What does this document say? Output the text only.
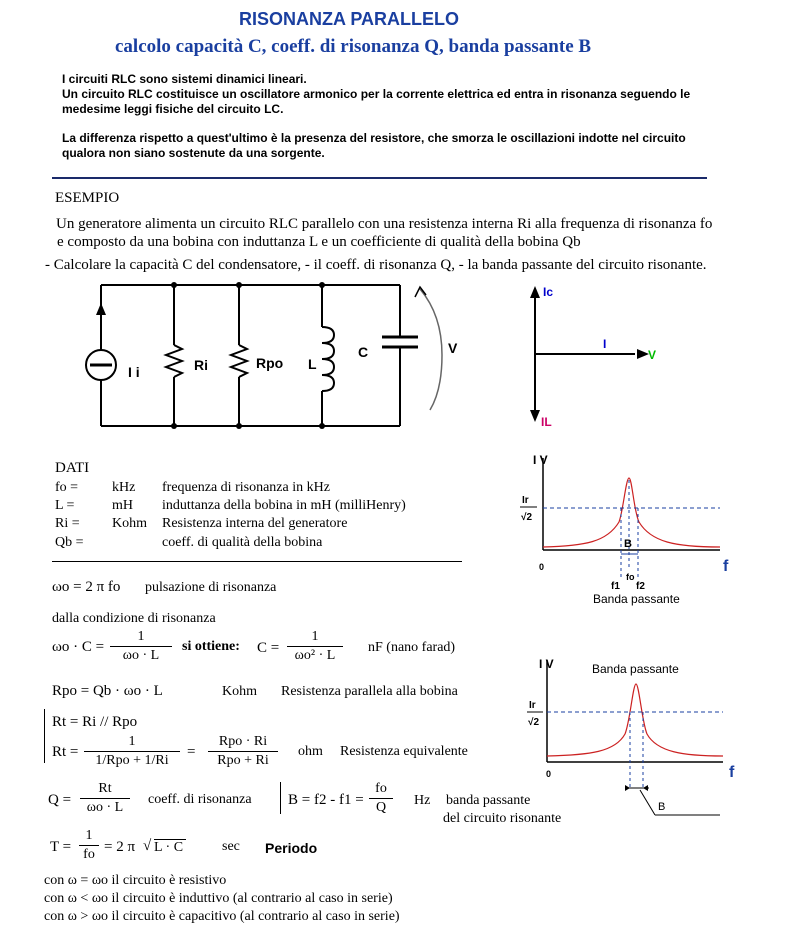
RISONANZA PARALLELO
calcolo capacità C, coeff. di risonanza Q, banda passante B
I circuiti RLC sono sistemi dinamici lineari.
Un circuito RLC costituisce un oscillatore armonico per la corrente elettrica ed entra in risonanza seguendo le
medesime leggi fisiche del circuito LC.
La differenza rispetto a quest'ultimo è la presenza del resistore, che smorza le oscillazioni indotte nel circuito
qualora non siano sostenute da una sorgente.
ESEMPIO
Un generatore alimenta un circuito RLC parallelo con una resistenza interna Ri alla frequenza di risonanza fo
e composto da una bobina con induttanza L e un coefficiente di qualità della bobina Qb
- Calcolare la capacità C del condensatore, - il coeff. di risonanza Q, - la banda passante del circuito risonante.
I i	Ri	Rpo L
C	V
Ic
IL
I
V
DATI
fo = kHz frequenza di risonanza in kHz
L =	mH induttanza della bobina in mH (milliHenry)
Ri = Kohm Resistenza interna del generatore
Qb =	coeff. di qualità della bobina
I V
Ir
√2
0	f
B
fo
f1 f2
Banda passante
Banda passante
I V
Ir
√2
0	f
B
ωo = 2 π fo pulsazione di risonanza
dalla condizione di risonanza
ωo · C =
1
ωo · L
si ottiene: C =
1
ωo² · L
nF (nano farad)
Rpo = Qb · ωo · L	Kohm Resistenza parallela alla bobina
Rt = Ri // Rpo
Rt =
1
1/Rpo + 1/Ri
=
Rpo · Ri
Rpo + Ri
ohm Resistenza equivalente
Q =
Rt
ωo · L
coeff. di risonanza B = f2 - f1 =
fo
Q	Hz banda passante
del circuito risonante
T =
1
fo = 2 π √ L · C	sec Periodo
con ω = ωo il circuito è resistivo
con ω < ωo il circuito è induttivo (al contrario al caso in serie)
con ω > ωo il circuito è capacitivo (al contrario al caso in serie)
